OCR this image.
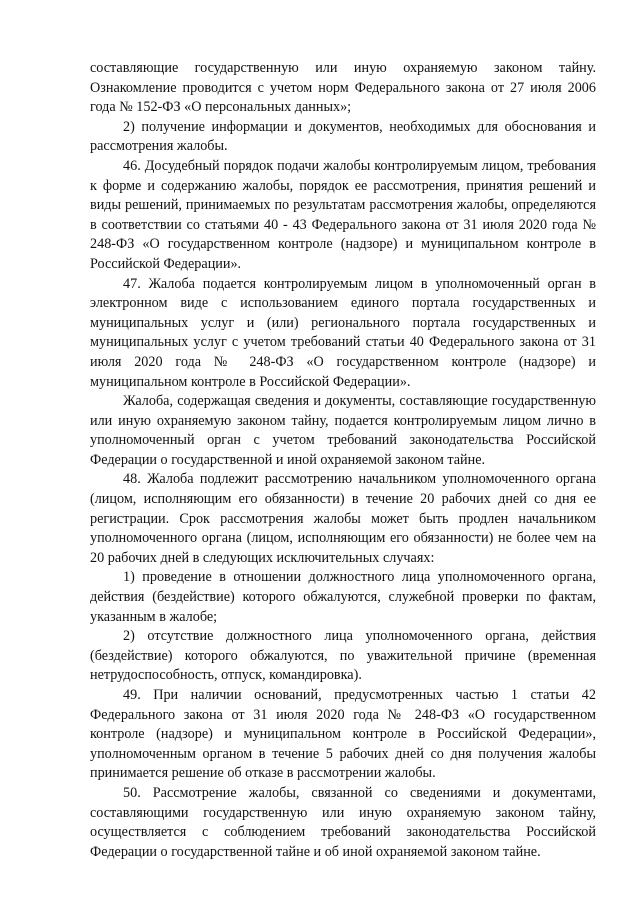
составляющие государственную или иную охраняемую законом тайну. Ознакомление проводится с учетом норм Федерального закона от 27 июля 2006 года № 152-ФЗ «О персональных данных»;

2) получение информации и документов, необходимых для обоснования и рассмотрения жалобы.

46. Досудебный порядок подачи жалобы контролируемым лицом, требования к форме и содержанию жалобы, порядок ее рассмотрения, принятия решений и виды решений, принимаемых по результатам рассмотрения жалобы, определяются в соответствии со статьями 40 - 43 Федерального закона от 31 июля 2020 года № 248-ФЗ «О государственном контроле (надзоре) и муниципальном контроле в Российской Федерации».

47. Жалоба подается контролируемым лицом в уполномоченный орган в электронном виде с использованием единого портала государственных и муниципальных услуг и (или) регионального портала государственных и муниципальных услуг с учетом требований статьи 40 Федерального закона от 31 июля 2020 года № 248-ФЗ «О государственном контроле (надзоре) и муниципальном контроле в Российской Федерации».

Жалоба, содержащая сведения и документы, составляющие государственную или иную охраняемую законом тайну, подается контролируемым лицом лично в уполномоченный орган с учетом требований законодательства Российской Федерации о государственной и иной охраняемой законом тайне.

48. Жалоба подлежит рассмотрению начальником уполномоченного органа (лицом, исполняющим его обязанности) в течение 20 рабочих дней со дня ее регистрации. Срок рассмотрения жалобы может быть продлен начальником уполномоченного органа (лицом, исполняющим его обязанности) не более чем на 20 рабочих дней в следующих исключительных случаях:

1) проведение в отношении должностного лица уполномоченного органа, действия (бездействие) которого обжалуются, служебной проверки по фактам, указанным в жалобе;

2) отсутствие должностного лица уполномоченного органа, действия (бездействие) которого обжалуются, по уважительной причине (временная нетрудоспособность, отпуск, командировка).

49. При наличии оснований, предусмотренных частью 1 статьи 42 Федерального закона от 31 июля 2020 года № 248-ФЗ «О государственном контроле (надзоре) и муниципальном контроле в Российской Федерации», уполномоченным органом в течение 5 рабочих дней со дня получения жалобы принимается решение об отказе в рассмотрении жалобы.

50. Рассмотрение жалобы, связанной со сведениями и документами, составляющими государственную или иную охраняемую законом тайну, осуществляется с соблюдением требований законодательства Российской Федерации о государственной тайне и об иной охраняемой законом тайне.
